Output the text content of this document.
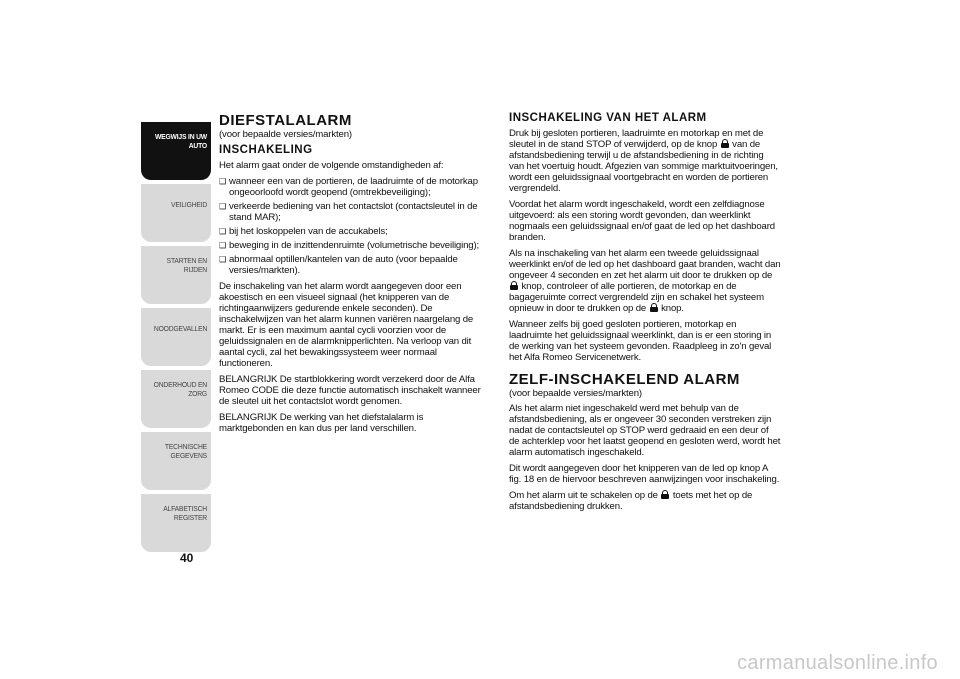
WEGWIJS IN UW AUTO
VEILIGHEID
STARTEN EN RIJDEN
NOODGEVALLEN
ONDERHOUD EN ZORG
TECHNISCHE GEGEVENS
ALFABETISCH REGISTER
40
DIEFSTALALARM

(voor bepaalde versies/markten)

INSCHAKELING

Het alarm gaat onder de volgende omstandigheden af:

❑ wanneer een van de portieren, de laadruimte of de motorkap ongeoorloofd wordt geopend (omtrekbeveiliging);
❑ verkeerde bediening van het contactslot (contactsleutel in de stand MAR);
❑ bij het loskoppelen van de accukabels;
❑ beweging in de inzittendenruimte (volumetrische beveiliging);
❑ abnormaal optillen/kantelen van de auto (voor bepaalde versies/markten).

De inschakeling van het alarm wordt aangegeven door een akoestisch en een visueel signaal (het knipperen van de richtingaanwijzers gedurende enkele seconden). De inschakelwijzen van het alarm kunnen variëren naargelang de markt. Er is een maximum aantal cycli voorzien voor de geluidssignalen en de alarmknipperlichten. Na verloop van dit aantal cycli, zal het bewakingssysteem weer normaal functioneren.

BELANGRIJK De startblokkering wordt verzekerd door de Alfa Romeo CODE die deze functie automatisch inschakelt wanneer de sleutel uit het contactslot wordt genomen.

BELANGRIJK De werking van het diefstalalarm is marktgebonden en kan dus per land verschillen.

INSCHAKELING VAN HET ALARM

Druk bij gesloten portieren, laadruimte en motorkap en met de sleutel in de stand STOP of verwijderd, op de knop van de afstandsbediening terwijl u de afstandsbediening in de richting van het voertuig houdt. Afgezien van sommige marktuitvoeringen, wordt een geluidssignaal voortgebracht en worden de portieren vergrendeld.

Voordat het alarm wordt ingeschakeld, wordt een zelfdiagnose uitgevoerd: als een storing wordt gevonden, dan weerklinkt nogmaals een geluidssignaal en/of gaat de led op het dashboard branden.

Als na inschakeling van het alarm een tweede geluidssignaal weerklinkt en/of de led op het dashboard gaat branden, wacht dan ongeveer 4 seconden en zet het alarm uit door te drukken op de  knop, controleer of alle portieren, de motorkap en de bagageruimte correct vergrendeld zijn en schakel het systeem opnieuw in door te drukken op de knop.

Wanneer zelfs bij goed gesloten portieren, motorkap en laadruimte het geluidssignaal weerklinkt, dan is er een storing in de werking van het systeem gevonden. Raadpleeg in zo'n geval het Alfa Romeo Servicenetwerk.

ZELF-INSCHAKELEND ALARM

(voor bepaalde versies/markten)

Als het alarm niet ingeschakeld werd met behulp van de afstandsbediening, als er ongeveer 30 seconden verstreken zijn nadat de contactsleutel op STOP werd gedraaid en een deur of de achterklep voor het laatst geopend en gesloten werd, wordt het alarm automatisch ingeschakeld.

Dit wordt aangegeven door het knipperen van de led op knop A fig. 18 en de hiervoor beschreven aanwijzingen voor inschakeling.

Om het alarm uit te schakelen op de toets met het op de afstandsbediening drukken.

carmanualsonline.info
